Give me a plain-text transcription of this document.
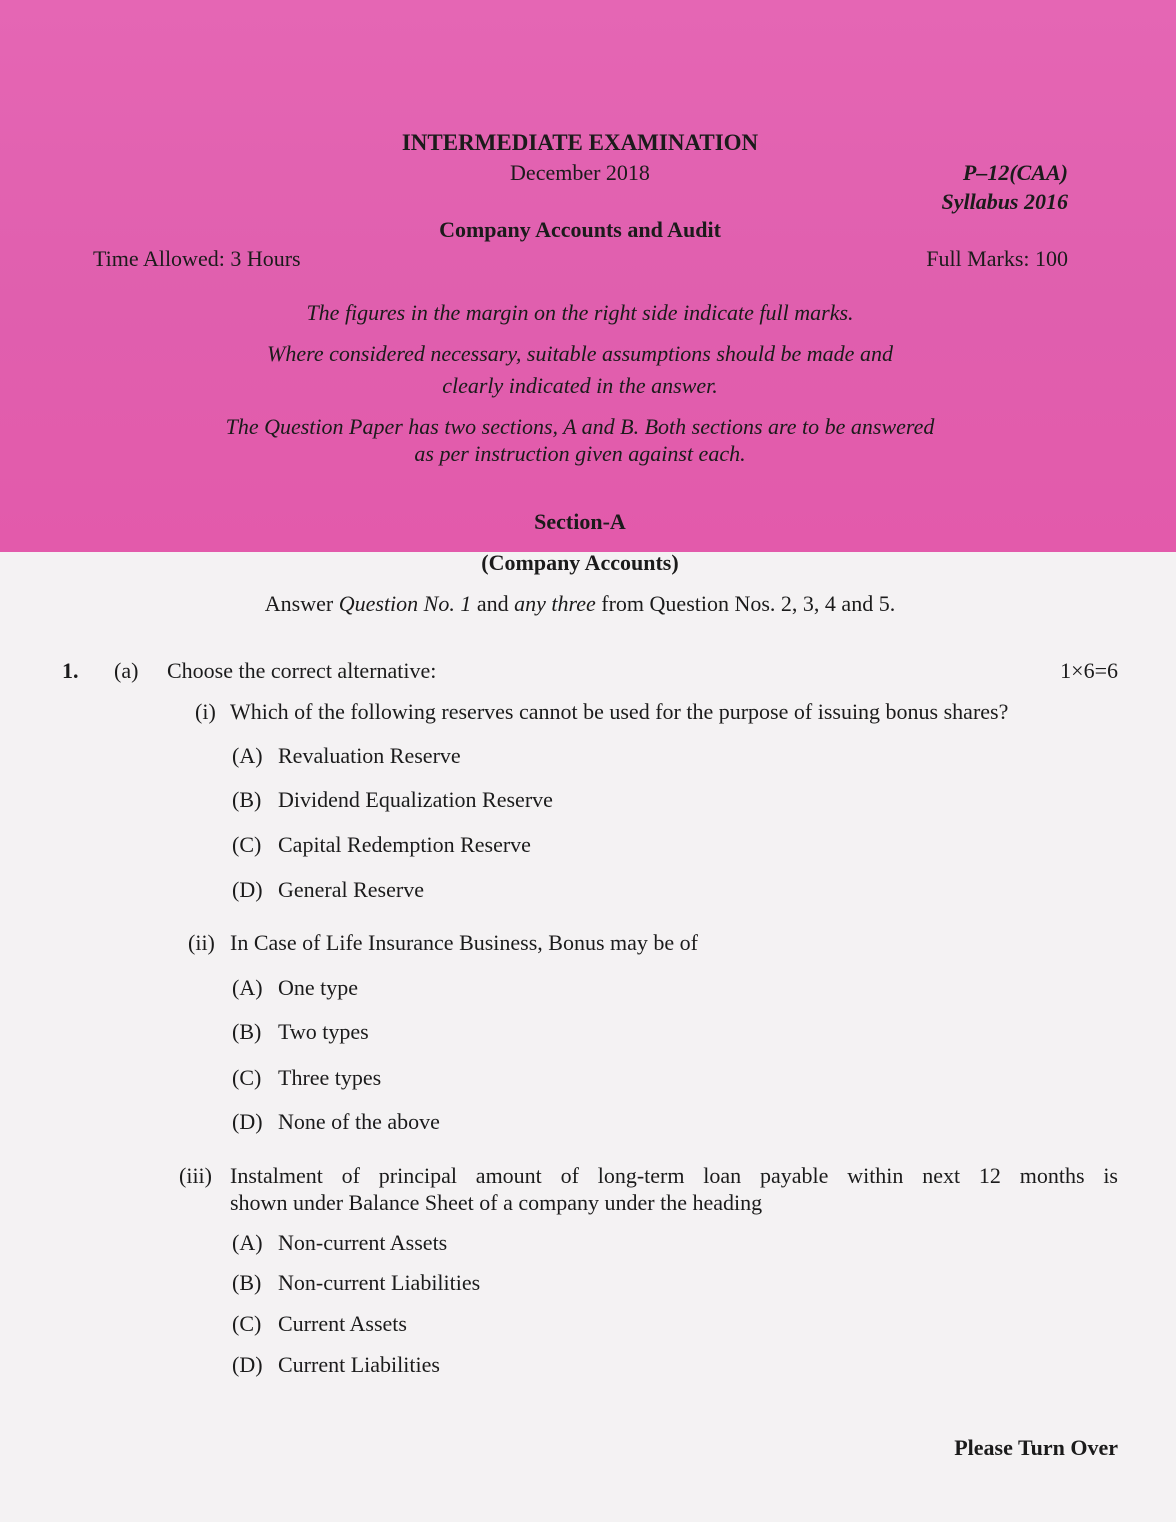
INTERMEDIATE EXAMINATION
December 2018	P–12(CAA)
Syllabus 2016
Company Accounts and Audit
Time Allowed: 3 Hours	Full Marks: 100
The figures in the margin on the right side indicate full marks.
Where considered necessary, suitable assumptions should be made and
clearly indicated in the answer.
The Question Paper has two sections, A and B. Both sections are to be answered
as per instruction given against each.
Section-A
(Company Accounts)
Answer Question No. 1 and any three from Question Nos. 2, 3, 4 and 5.
1. (a) Choose the correct alternative:	1×6=6
(i) Which of the following reserves cannot be used for the purpose of issuing bonus shares?
(A) Revaluation Reserve
(B) Dividend Equalization Reserve
(C) Capital Redemption Reserve
(D) General Reserve
(ii) In Case of Life Insurance Business, Bonus may be of
(A) One type
(B) Two types
(C) Three types
(D) None of the above
(iii) Instalment of principal amount of long-term loan payable within next 12 months is
shown under Balance Sheet of a company under the heading
(A) Non-current Assets
(B) Non-current Liabilities
(C) Current Assets
(D) Current Liabilities
Please Turn Over
